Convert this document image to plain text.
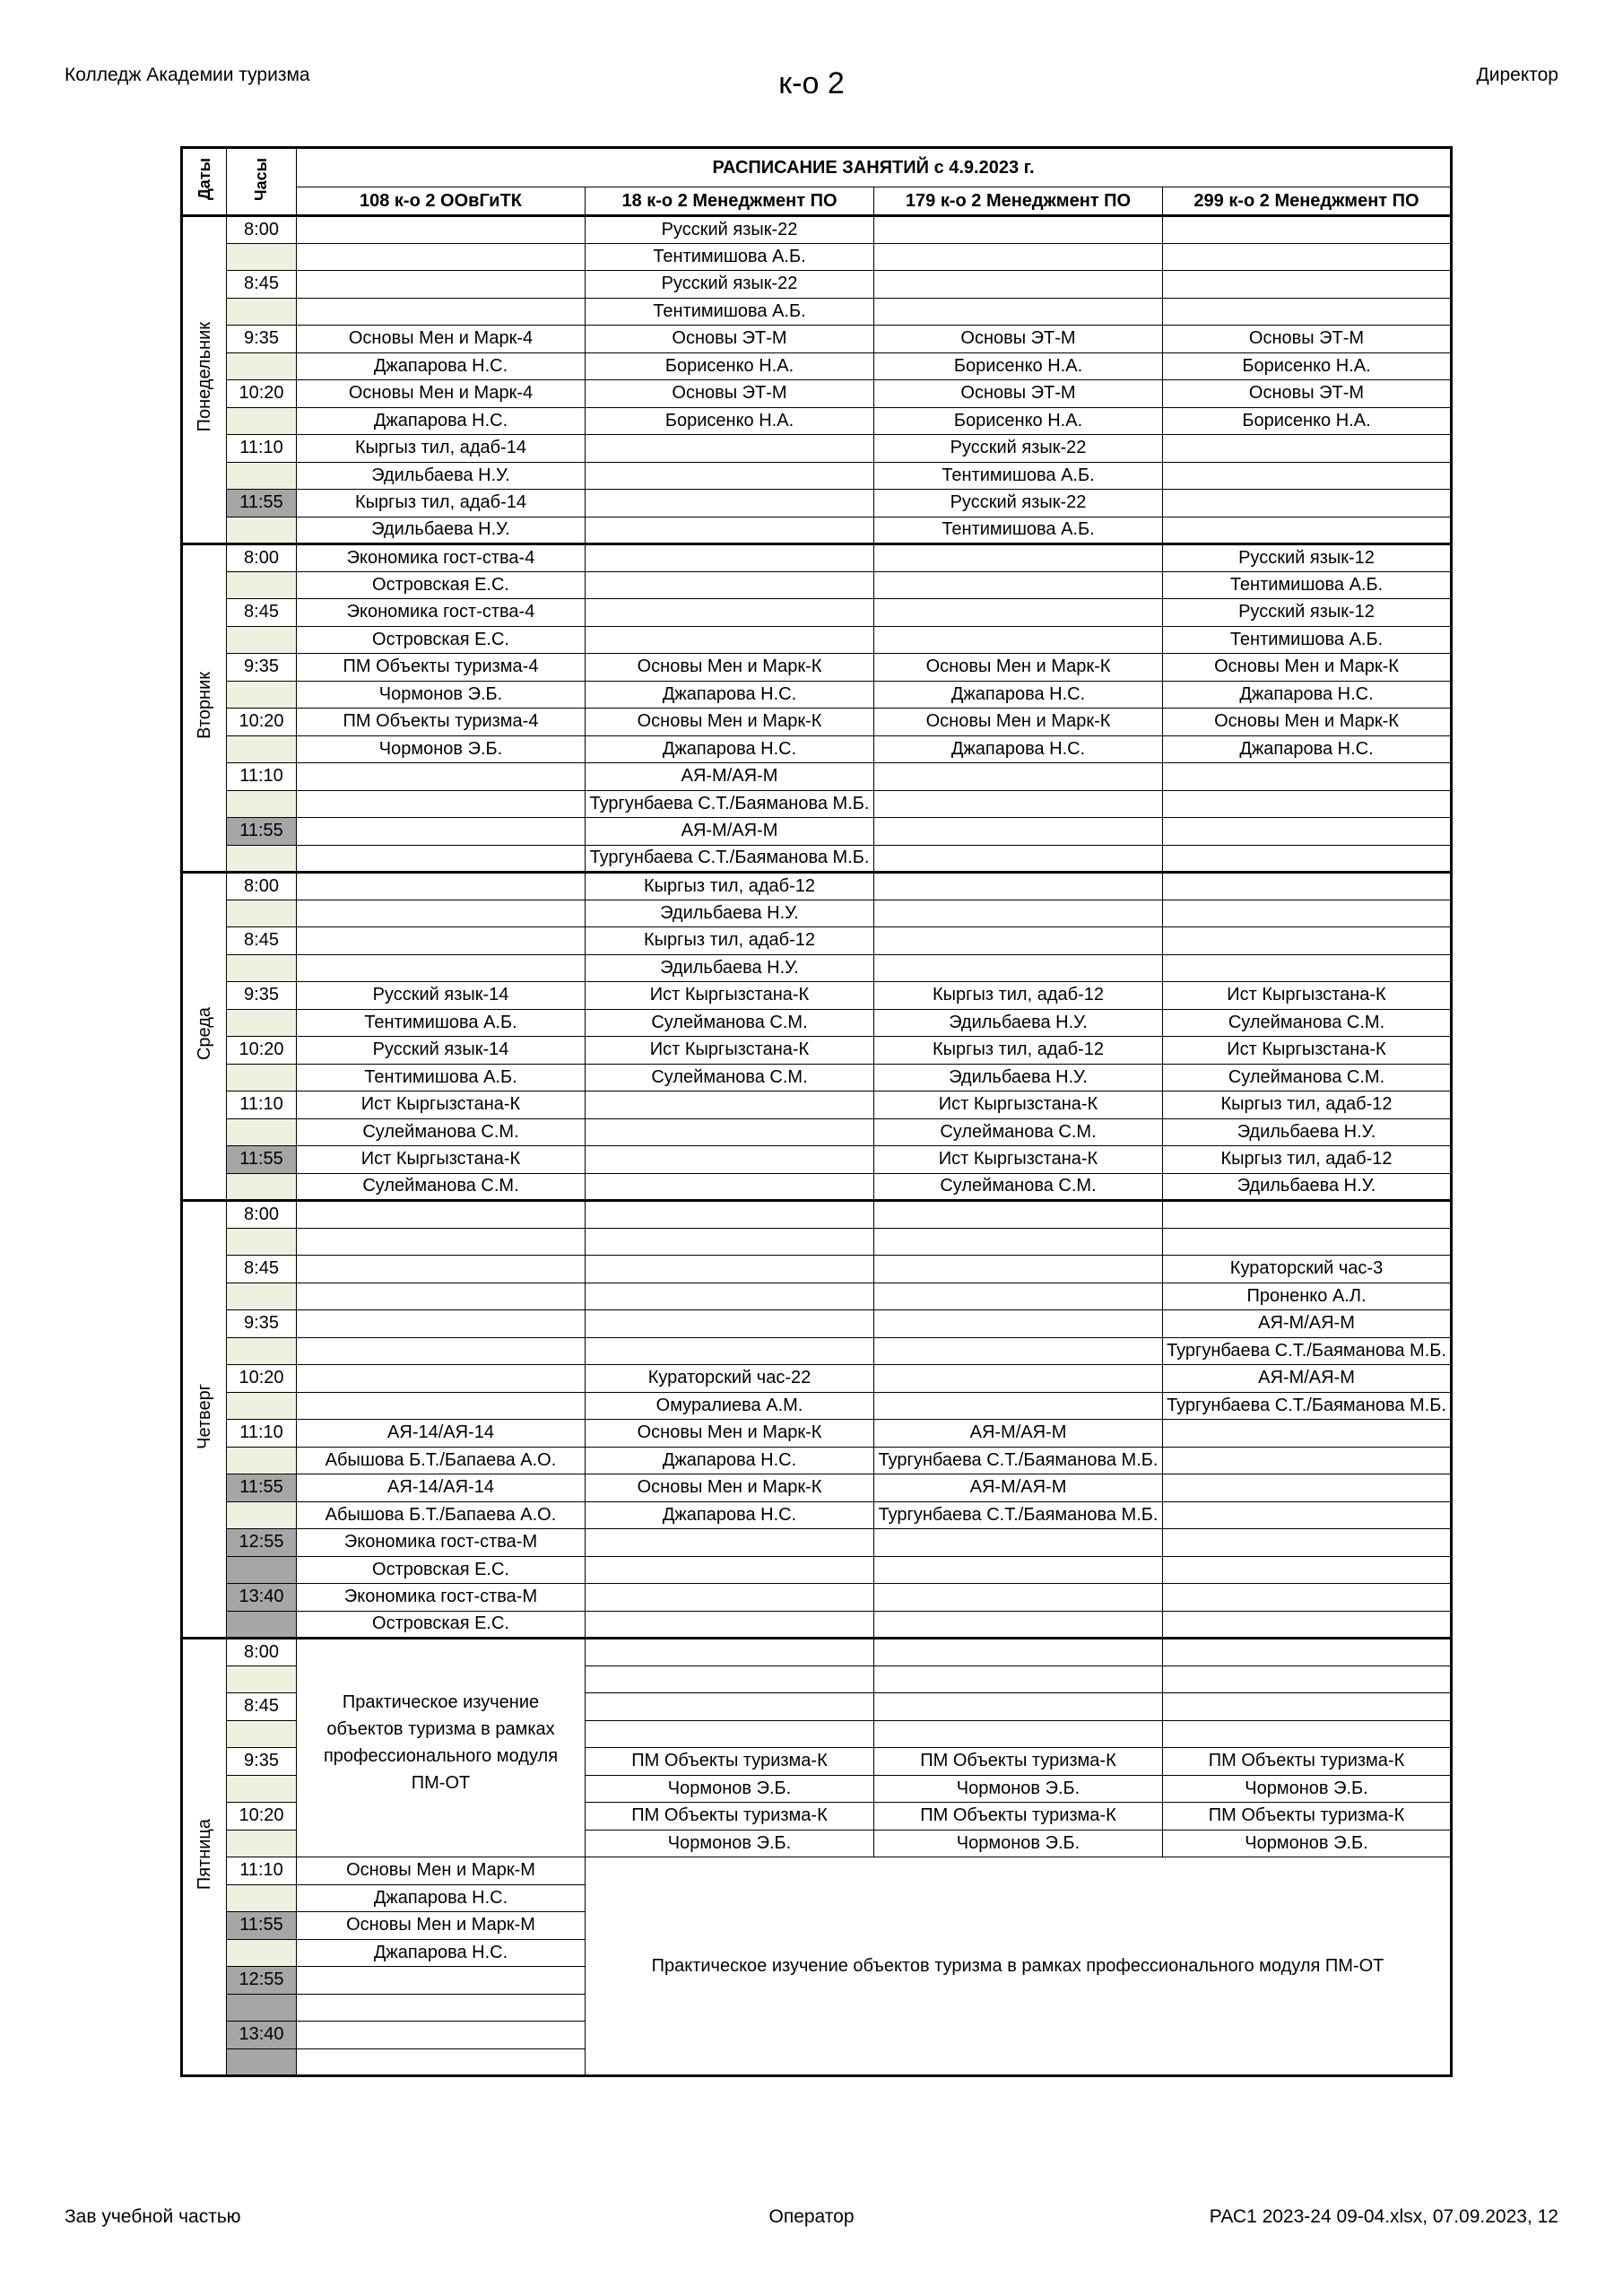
Колледж Академии туризма	к-о 2	Директор
Даты	Часы	РАСПИСАНИЕ ЗАНЯТИЙ с 4.9.2023 г.			
		108 к-о 2 ООвГиТК	18 к-о 2 Менеджмент ПО	179 к-о 2 Менеджмент ПО	299 к-о 2 Менеджмент ПО
Понедельник	8:00		Русский язык-22		
			Тентимишова А.Б.		
	8:45		Русский язык-22		
			Тентимишова А.Б.		
	9:35	Основы Мен и Марк-4	Основы ЭТ-М	Основы ЭТ-М	Основы ЭТ-М
		Джапарова Н.С.	Борисенко Н.А.	Борисенко Н.А.	Борисенко Н.А.
	10:20	Основы Мен и Марк-4	Основы ЭТ-М	Основы ЭТ-М	Основы ЭТ-М
		Джапарова Н.С.	Борисенко Н.А.	Борисенко Н.А.	Борисенко Н.А.
	11:10	Кыргыз тил, адаб-14		Русский язык-22	
		Эдильбаева Н.У.		Тентимишова А.Б.	
	11:55	Кыргыз тил, адаб-14		Русский язык-22	
		Эдильбаева Н.У.		Тентимишова А.Б.	
Вторник	8:00	Экономика гост-ства-4			Русский язык-12
		Островская Е.С.			Тентимишова А.Б.
	8:45	Экономика гост-ства-4			Русский язык-12
		Островская Е.С.			Тентимишова А.Б.
	9:35	ПМ Объекты туризма-4	Основы Мен и Марк-К	Основы Мен и Марк-К	Основы Мен и Марк-К
		Чормонов Э.Б.	Джапарова Н.С.	Джапарова Н.С.	Джапарова Н.С.
	10:20	ПМ Объекты туризма-4	Основы Мен и Марк-К	Основы Мен и Марк-К	Основы Мен и Марк-К
		Чормонов Э.Б.	Джапарова Н.С.	Джапарова Н.С.	Джапарова Н.С.
	11:10		АЯ-М/АЯ-М		
			Тургунбаева С.Т./Баяманова М.Б.		
	11:55		АЯ-М/АЯ-М		
			Тургунбаева С.Т./Баяманова М.Б.		
Среда	8:00		Кыргыз тил, адаб-12		
			Эдильбаева Н.У.		
	8:45		Кыргыз тил, адаб-12		
			Эдильбаева Н.У.		
	9:35	Русский язык-14	Ист Кыргызстана-К	Кыргыз тил, адаб-12	Ист Кыргызстана-К
		Тентимишова А.Б.	Сулейманова С.М.	Эдильбаева Н.У.	Сулейманова С.М.
	10:20	Русский язык-14	Ист Кыргызстана-К	Кыргыз тил, адаб-12	Ист Кыргызстана-К
		Тентимишова А.Б.	Сулейманова С.М.	Эдильбаева Н.У.	Сулейманова С.М.
	11:10	Ист Кыргызстана-К		Ист Кыргызстана-К	Кыргыз тил, адаб-12
		Сулейманова С.М.		Сулейманова С.М.	Эдильбаева Н.У.
	11:55	Ист Кыргызстана-К		Ист Кыргызстана-К	Кыргыз тил, адаб-12
		Сулейманова С.М.		Сулейманова С.М.	Эдильбаева Н.У.
Четверг	8:00				

	8:45				Кураторский час-3
					Проненко А.Л.
	9:35				АЯ-М/АЯ-М
					Тургунбаева С.Т./Баяманова М.Б.
	10:20		Кураторский час-22		АЯ-М/АЯ-М
			Омуралиева А.М.		Тургунбаева С.Т./Баяманова М.Б.
	11:10	АЯ-14/АЯ-14	Основы Мен и Марк-К	АЯ-М/АЯ-М	
		Абышова Б.Т./Бапаева А.О.	Джапарова Н.С.	Тургунбаева С.Т./Баяманова М.Б.	
	11:55	АЯ-14/АЯ-14	Основы Мен и Марк-К	АЯ-М/АЯ-М	
		Абышова Б.Т./Бапаева А.О.	Джапарова Н.С.	Тургунбаева С.Т./Баяманова М.Б.	
	12:55	Экономика гост-ства-М			
		Островская Е.С.			
	13:40	Экономика гост-ства-М			
		Островская Е.С.			
Пятница	8:00	Практическое изучение объектов туризма в рамках профессионального модуля ПМ-ОТ			

	8:45				

	9:35		ПМ Объекты туризма-К	ПМ Объекты туризма-К	ПМ Объекты туризма-К
			Чормонов Э.Б.	Чормонов Э.Б.	Чормонов Э.Б.
	10:20		ПМ Объекты туризма-К	ПМ Объекты туризма-К	ПМ Объекты туризма-К
			Чормонов Э.Б.	Чормонов Э.Б.	Чормонов Э.Б.
	11:10	Основы Мен и Марк-М	Практическое изучение объектов туризма в рамках профессионального модуля ПМ-ОТ		
		Джапарова Н.С.			
	11:55	Основы Мен и Марк-М			
		Джапарова Н.С.			
	12:55				

	13:40				

Зав учебной частью	Оператор	РАС1 2023-24 09-04.xlsx, 07.09.2023, 12
